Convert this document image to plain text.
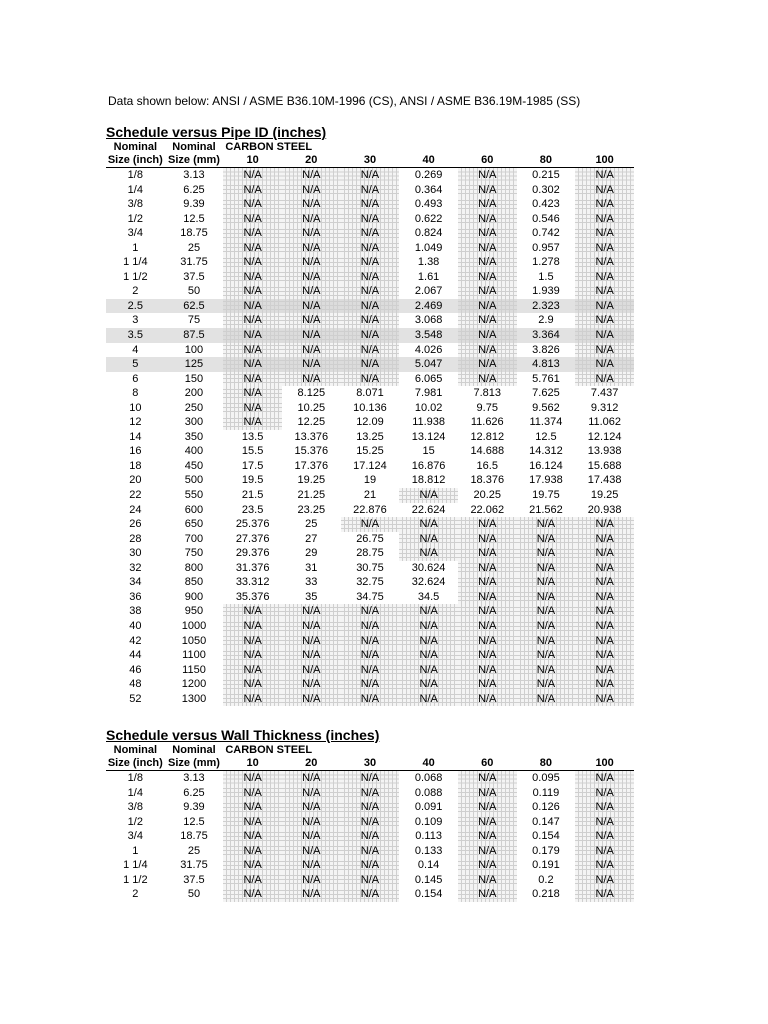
Data shown below: ANSI / ASME B36.10M-1996 (CS), ANSI / ASME B36.19M-1985 (SS)
Schedule versus Pipe ID (inches)
Nominal	Nominal	CARBON STEEL						
Size (inch)	Size (mm)	10	20	30	40	60	80	100
1/8	3.13	N/A	N/A	N/A	0.269	N/A	0.215	N/A
1/4	6.25	N/A	N/A	N/A	0.364	N/A	0.302	N/A
3/8	9.39	N/A	N/A	N/A	0.493	N/A	0.423	N/A
1/2	12.5	N/A	N/A	N/A	0.622	N/A	0.546	N/A
3/4	18.75	N/A	N/A	N/A	0.824	N/A	0.742	N/A
1	25	N/A	N/A	N/A	1.049	N/A	0.957	N/A
1 1/4	31.75	N/A	N/A	N/A	1.38	N/A	1.278	N/A
1 1/2	37.5	N/A	N/A	N/A	1.61	N/A	1.5	N/A
2	50	N/A	N/A	N/A	2.067	N/A	1.939	N/A
2.5	62.5	N/A	N/A	N/A	2.469	N/A	2.323	N/A
3	75	N/A	N/A	N/A	3.068	N/A	2.9	N/A
3.5	87.5	N/A	N/A	N/A	3.548	N/A	3.364	N/A
4	100	N/A	N/A	N/A	4.026	N/A	3.826	N/A
5	125	N/A	N/A	N/A	5.047	N/A	4.813	N/A
6	150	N/A	N/A	N/A	6.065	N/A	5.761	N/A
8	200	N/A	8.125	8.071	7.981	7.813	7.625	7.437
10	250	N/A	10.25	10.136	10.02	9.75	9.562	9.312
12	300	N/A	12.25	12.09	11.938	11.626	11.374	11.062
14	350	13.5	13.376	13.25	13.124	12.812	12.5	12.124
16	400	15.5	15.376	15.25	15	14.688	14.312	13.938
18	450	17.5	17.376	17.124	16.876	16.5	16.124	15.688
20	500	19.5	19.25	19	18.812	18.376	17.938	17.438
22	550	21.5	21.25	21	N/A	20.25	19.75	19.25
24	600	23.5	23.25	22.876	22.624	22.062	21.562	20.938
26	650	25.376	25	N/A	N/A	N/A	N/A	N/A
28	700	27.376	27	26.75	N/A	N/A	N/A	N/A
30	750	29.376	29	28.75	N/A	N/A	N/A	N/A
32	800	31.376	31	30.75	30.624	N/A	N/A	N/A
34	850	33.312	33	32.75	32.624	N/A	N/A	N/A
36	900	35.376	35	34.75	34.5	N/A	N/A	N/A
38	950	N/A	N/A	N/A	N/A	N/A	N/A	N/A
40	1000	N/A	N/A	N/A	N/A	N/A	N/A	N/A
42	1050	N/A	N/A	N/A	N/A	N/A	N/A	N/A
44	1100	N/A	N/A	N/A	N/A	N/A	N/A	N/A
46	1150	N/A	N/A	N/A	N/A	N/A	N/A	N/A
48	1200	N/A	N/A	N/A	N/A	N/A	N/A	N/A
52	1300	N/A	N/A	N/A	N/A	N/A	N/A	N/A
Schedule versus Wall Thickness (inches)
Nominal	Nominal	CARBON STEEL						
Size (inch)	Size (mm)	10	20	30	40	60	80	100
1/8	3.13	N/A	N/A	N/A	0.068	N/A	0.095	N/A
1/4	6.25	N/A	N/A	N/A	0.088	N/A	0.119	N/A
3/8	9.39	N/A	N/A	N/A	0.091	N/A	0.126	N/A
1/2	12.5	N/A	N/A	N/A	0.109	N/A	0.147	N/A
3/4	18.75	N/A	N/A	N/A	0.113	N/A	0.154	N/A
1	25	N/A	N/A	N/A	0.133	N/A	0.179	N/A
1 1/4	31.75	N/A	N/A	N/A	0.14	N/A	0.191	N/A
1 1/2	37.5	N/A	N/A	N/A	0.145	N/A	0.2	N/A
2	50	N/A	N/A	N/A	0.154	N/A	0.218	N/A
